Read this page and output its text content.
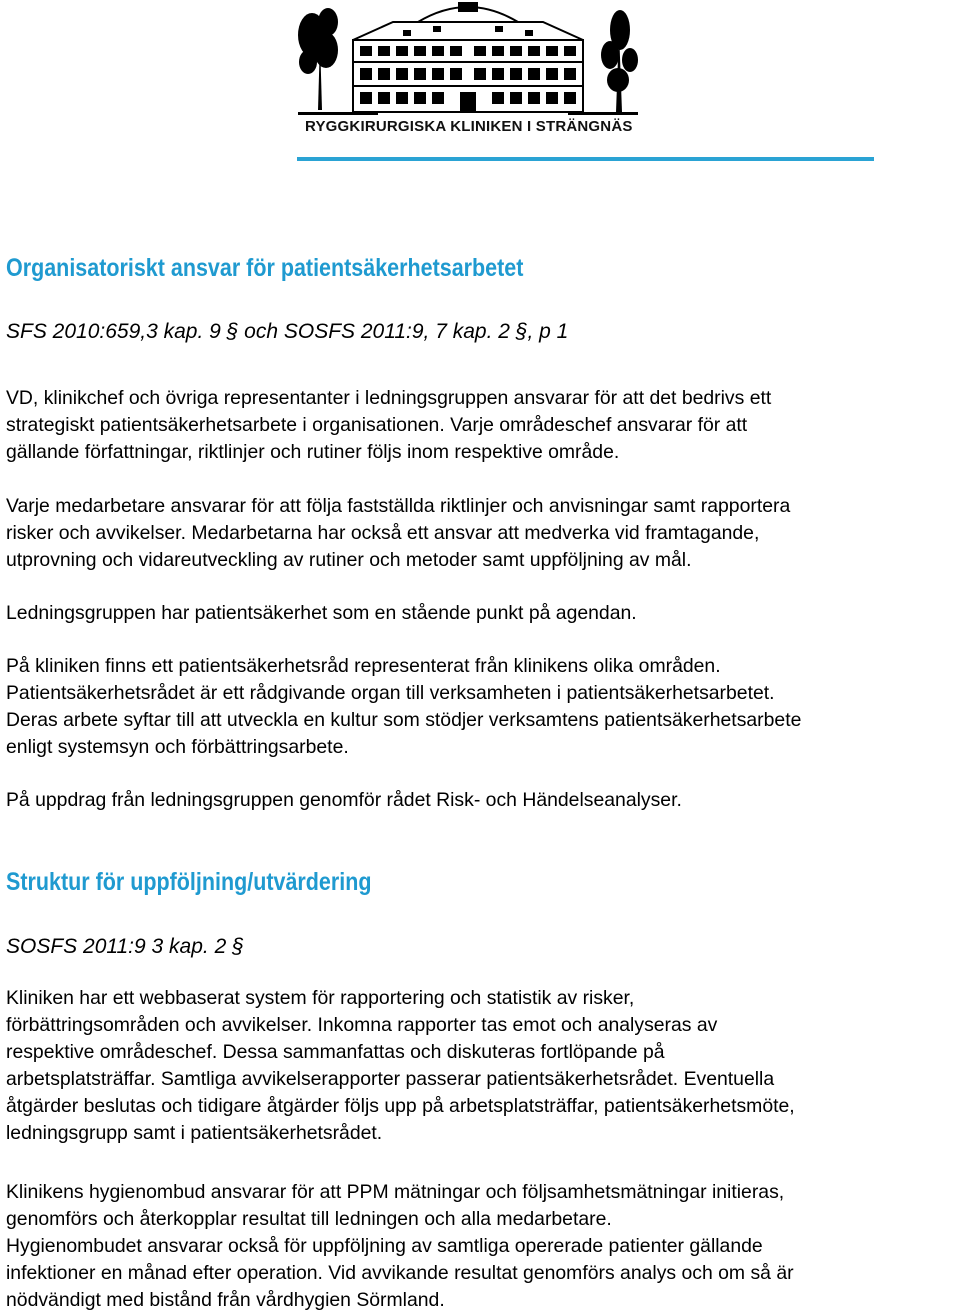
RYGGKIRURGISKA KLINIKEN I STRÄNGNÄS
Organisatoriskt ansvar för patientsäkerhetsarbetet
SFS 2010:659,3 kap. 9 § och SOSFS 2011:9, 7 kap. 2 §, p 1
VD, klinikchef och övriga representanter i ledningsgruppen ansvarar för att det bedrivs ett
strategiskt patientsäkerhetsarbete i organisationen. Varje områdeschef ansvarar för att
gällande författningar, riktlinjer och rutiner följs inom respektive område.
Varje medarbetare ansvarar för att följa fastställda riktlinjer och anvisningar samt rapportera
risker och avvikelser. Medarbetarna har också ett ansvar att medverka vid framtagande,
utprovning och vidareutveckling av rutiner och metoder samt uppföljning av mål.
Ledningsgruppen har patientsäkerhet som en stående punkt på agendan.
På kliniken finns ett patientsäkerhetsråd representerat från klinikens olika områden.
Patientsäkerhetsrådet är ett rådgivande organ till verksamheten i patientsäkerhetsarbetet.
Deras arbete syftar till att utveckla en kultur som stödjer verksamtens patientsäkerhetsarbete
enligt systemsyn och förbättringsarbete.
På uppdrag från ledningsgruppen genomför rådet Risk- och Händelseanalyser.
Struktur för uppföljning/utvärdering
SOSFS 2011:9 3 kap. 2 §
Kliniken har ett webbaserat system för rapportering och statistik av risker,
förbättringsområden och avvikelser. Inkomna rapporter tas emot och analyseras av
respektive områdeschef. Dessa sammanfattas och diskuteras fortlöpande på
arbetsplatsträffar. Samtliga avvikelserapporter passerar patientsäkerhetsrådet. Eventuella
åtgärder beslutas och tidigare åtgärder följs upp på arbetsplatsträffar, patientsäkerhetsmöte,
ledningsgrupp samt i patientsäkerhetsrådet.
Klinikens hygienombud ansvarar för att PPM mätningar och följsamhetsmätningar initieras,
genomförs och återkopplar resultat till ledningen och alla medarbetare.
Hygienombudet ansvarar också för uppföljning av samtliga opererade patienter gällande
infektioner en månad efter operation. Vid avvikande resultat genomförs analys och om så är
nödvändigt med bistånd från vårdhygien Sörmland.
